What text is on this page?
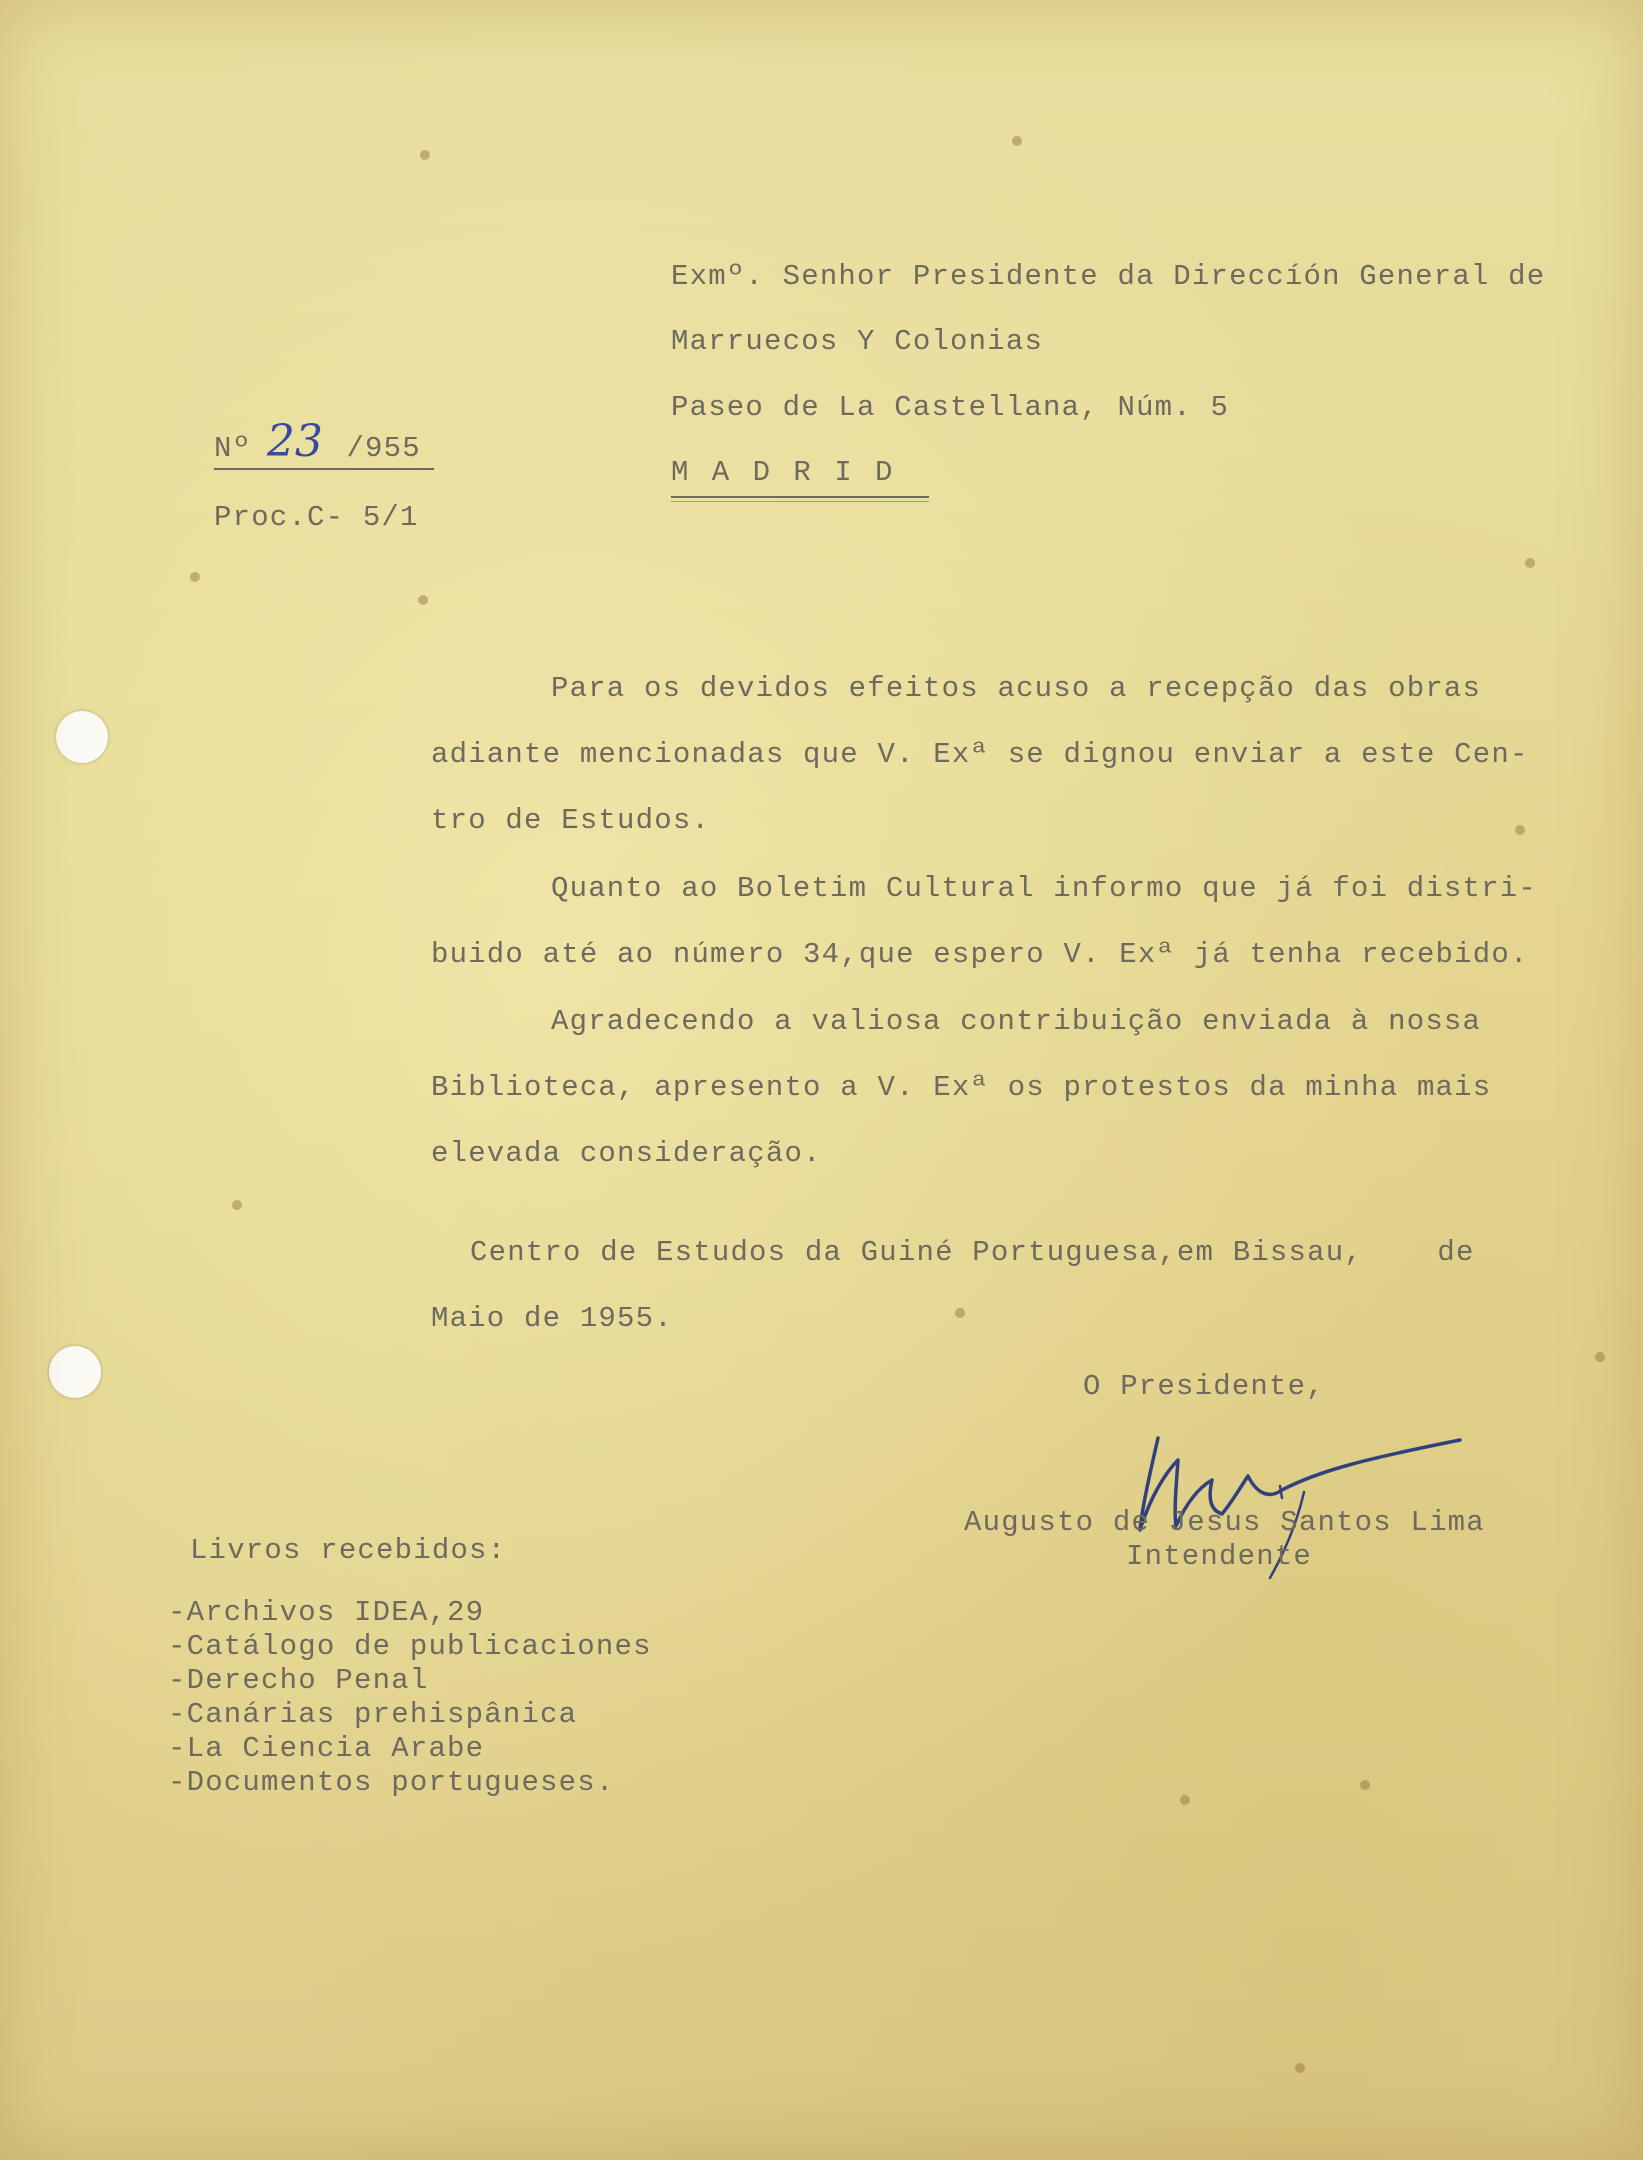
Exmº. Senhor Presidente da Direccíón General de
Marruecos Y Colonias
Paseo de La Castellana, Núm. 5
M A D R I D
Nº 23 /955
Proc.C- 5/1
Para os devidos efeitos acuso a recepção das obras
adiante mencionadas que V. Exª se dignou enviar a este Cen-
tro de Estudos.
Quanto ao Boletim Cultural informo que já foi distri-
buido até ao número 34,que espero V. Exª já tenha recebido.
Agradecendo a valiosa contribuição enviada à nossa
Biblioteca, apresento a V. Exª os protestos da minha mais
elevada consideração.
Centro de Estudos da Guiné Portuguesa,em Bissau,    de
Maio de 1955.
O Presidente,
Augusto de Jesus Santos Lima
Intendente
Livros recebidos:
-Archivos IDEA,29
-Catálogo de publicaciones
-Derecho Penal
-Canárias prehispânica
-La Ciencia Arabe
-Documentos portugueses.
